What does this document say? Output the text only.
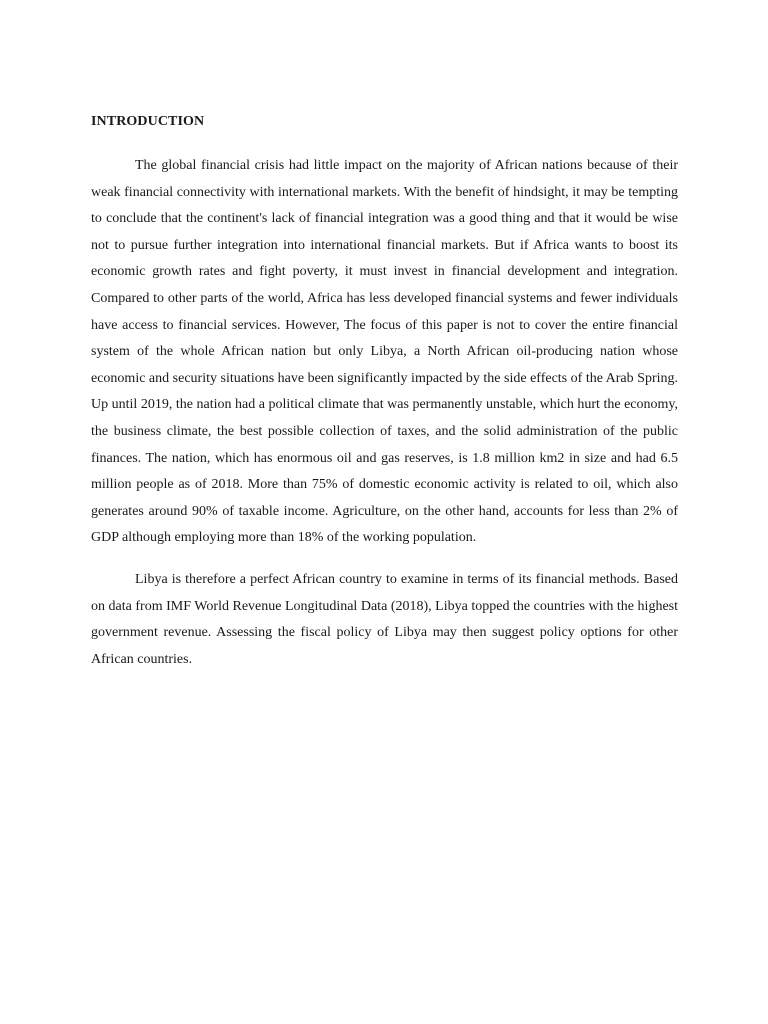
INTRODUCTION

The global financial crisis had little impact on the majority of African nations because of their weak financial connectivity with international markets. With the benefit of hindsight, it may be tempting to conclude that the continent's lack of financial integration was a good thing and that it would be wise not to pursue further integration into international financial markets. But if Africa wants to boost its economic growth rates and fight poverty, it must invest in financial development and integration. Compared to other parts of the world, Africa has less developed financial systems and fewer individuals have access to financial services. However, The focus of this paper is not to cover the entire financial system of the whole African nation but only Libya, a North African oil-producing nation whose economic and security situations have been significantly impacted by the side effects of the Arab Spring. Up until 2019, the nation had a political climate that was permanently unstable, which hurt the economy, the business climate, the best possible collection of taxes, and the solid administration of the public finances. The nation, which has enormous oil and gas reserves, is 1.8 million km2 in size and had 6.5 million people as of 2018. More than 75% of domestic economic activity is related to oil, which also generates around 90% of taxable income. Agriculture, on the other hand, accounts for less than 2% of GDP although employing more than 18% of the working population.

Libya is therefore a perfect African country to examine in terms of its financial methods. Based on data from IMF World Revenue Longitudinal Data (2018), Libya topped the countries with the highest government revenue. Assessing the fiscal policy of Libya may then suggest policy options for other African countries.
